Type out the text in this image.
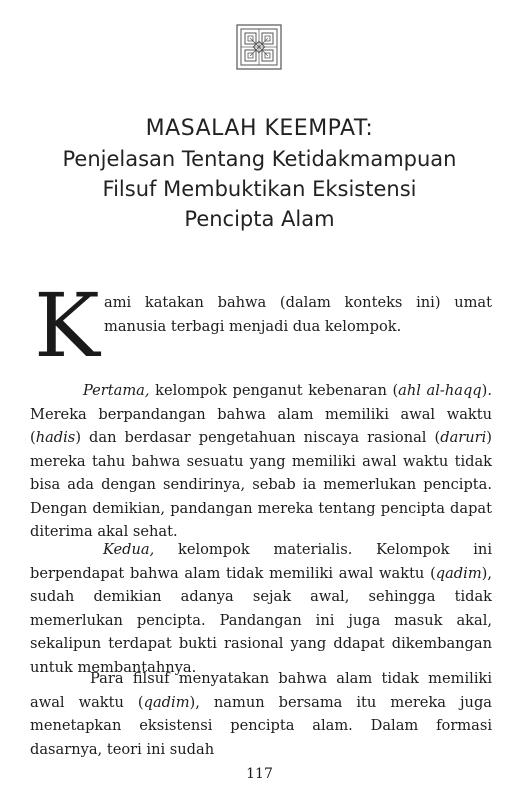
MASALAH KEEMPAT:
Penjelasan Tentang Ketidakmampuan
Filsuf Membuktikan Eksistensi
Pencipta Alam
K ami katakan bahwa (dalam konteks ini) umat manusia terbagi menjadi dua kelompok.

Pertama, kelompok penganut kebenaran (ahl al-haqq). Mereka berpandangan bahwa alam memiliki awal waktu (hadis) dan berdasar pengetahuan niscaya rasional (daruri) mereka tahu bahwa sesuatu yang memiliki awal waktu tidak bisa ada dengan sendirinya, sebab ia memerlukan pencipta. Dengan demikian, pandangan mereka tentang pencipta dapat diterima akal sehat.

Kedua, kelompok materialis. Kelompok ini berpendapat bahwa alam tidak memiliki awal waktu (qadim), sudah demikian adanya sejak awal, sehingga tidak memerlukan pencipta. Pandangan ini juga masuk akal, sekalipun terdapat bukti rasional yang ddapat dikembangan untuk membantahnya.

Para filsuf menyatakan bahwa alam tidak memiliki awal waktu (qadim), namun bersama itu mereka juga menetapkan eksistensi pencipta alam. Dalam formasi dasarnya, teori ini sudah

117
